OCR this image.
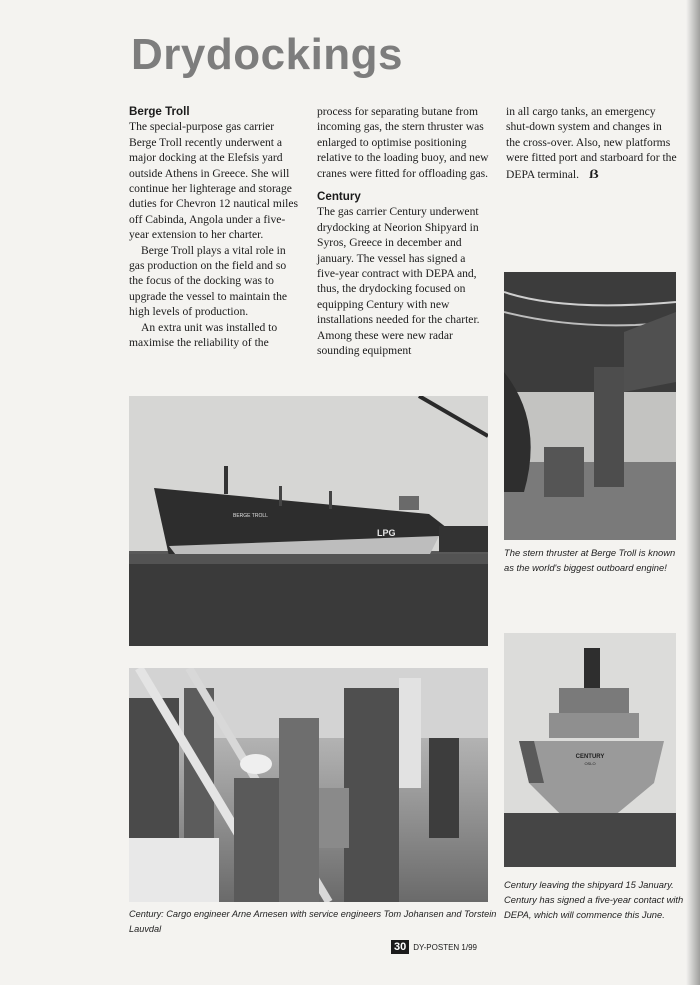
Drydockings
Berge Troll

The special-purpose gas carrier Berge Troll recently underwent a major docking at the Elefsis yard outside Athens in Greece. She will continue her lighterage and storage duties for Chevron 12 nautical miles off Cabinda, Angola under a five-year extension to her charter.

Berge Troll plays a vital role in gas production on the field and so the focus of the docking was to upgrade the vessel to maintain the high levels of production.

An extra unit was installed to maximise the reliability of the

process for separating butane from incoming gas, the stern thruster was enlarged to optimise positioning relative to the loading buoy, and new cranes were fitted for offloading gas.

Century

The gas carrier Century underwent drydocking at Neorion Shipyard in Syros, Greece in december and january. The vessel has signed a five-year contract with DEPA and, thus, the drydocking focused on equipping Century with new installations needed for the charter. Among these were new radar sounding equipment

in all cargo tanks, an emergency shut-down system and changes in the cross-over. Also, new platforms were fitted port and starboard for the DEPA terminal. ẞ

The stern thruster at Berge Troll is known as the world's biggest outboard engine!
BERGE TROLL
LPG
Century: Cargo engineer Arne Arnesen with service engineers Tom Johansen and Torstein Lauvdal
CENTURY
OSLO
Century leaving the shipyard 15 January. Century has signed a five-year contact with DEPA, which will commence this June.
30 DY-POSTEN 1/99
